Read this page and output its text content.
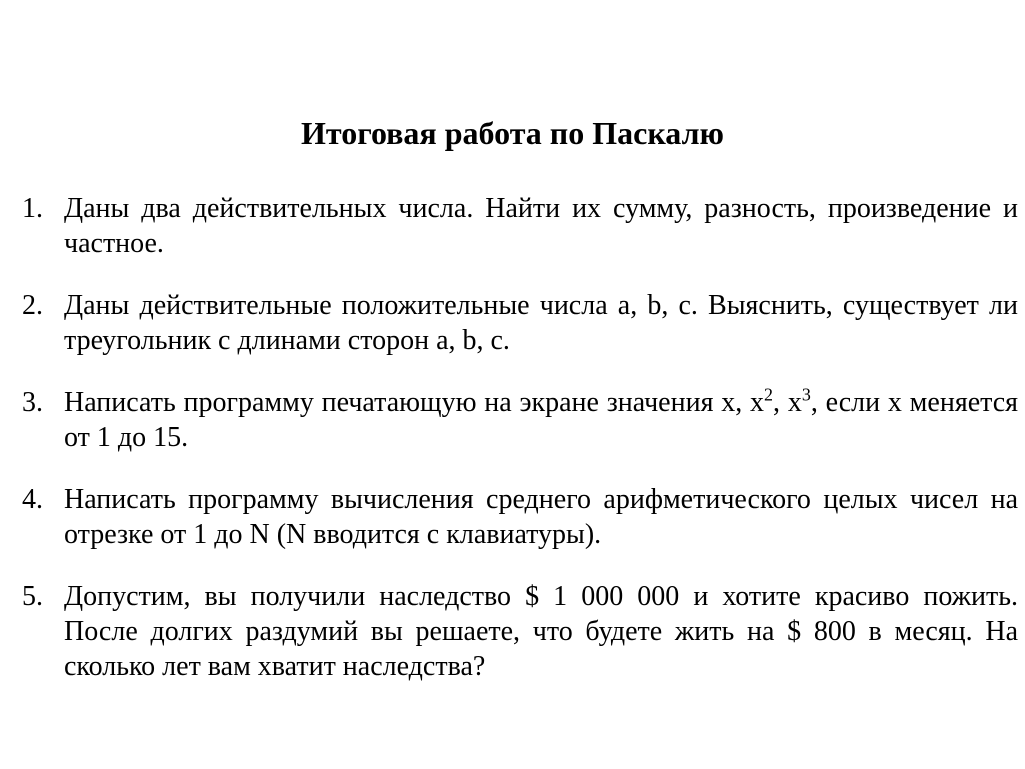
Итоговая работа по Паскалю
1. Даны два действительных числа. Найти их сумму, разность, произведение и частное.
2. Даны действительные положительные числа a, b, c. Выяснить, существует ли треугольник с длинами сторон a, b, c.
3. Написать программу печатающую на экране значения x, $x^2$, $x^3$, если x меняется от 1 до 15.
4. Написать программу вычисления среднего арифметического целых чисел на отрезке от 1 до N (N вводится с клавиатуры).
5. Допустим, вы получили наследство $ 1 000 000 и хотите красиво пожить. После долгих раздумий вы решаете, что будете жить на $ 800 в месяц. На сколько лет вам хватит наследства?
